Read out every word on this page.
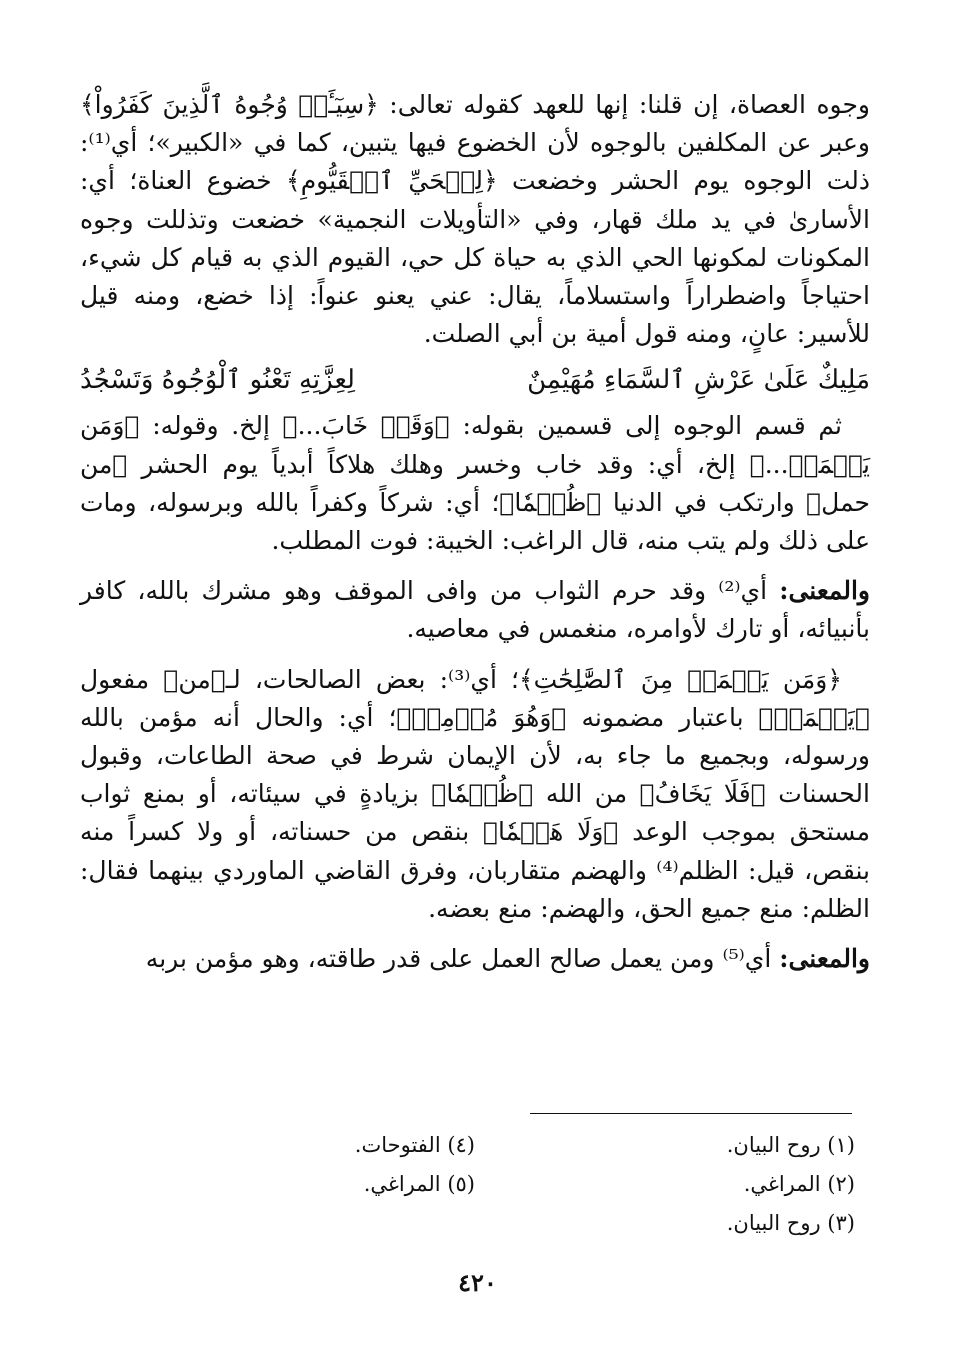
وجوه العصاة، إن قلنا: إنها للعهد كقوله تعالى: ﴿سِيٓـَٔتۡ وُجُوهُ ٱلَّذِينَ كَفَرُواْ﴾ وعبر عن المكلفين بالوجوه لأن الخضوع فيها يتبين، كما في «الكبير»؛ أي⁽¹⁾: ذلت الوجوه يوم الحشر وخضعت ﴿لِلۡحَيِّ ٱلۡقَيُّومِ﴾ خضوع العناة؛ أي: الأسارىٰ في يد ملك قهار، وفي «التأويلات النجمية» خضعت وتذللت وجوه المكونات لمكونها الحي الذي به حياة كل حي، القيوم الذي به قيام كل شيء، احتياجاً واضطراراً واستسلاماً، يقال: عني يعنو عنواً: إذا خضع، ومنه قيل للأسير: عانٍ، ومنه قول أمية بن أبي الصلت.

مَلِيكٌ عَلَىٰ عَرْشِ ٱلسَّمَاءِ مُهَيْمِنٌ
لِعِزَّتِهِ تَعْنُو ٱلْوُجُوهُ وَتَسْجُدُ

ثم قسم الوجوه إلى قسمين بقوله: ﴿وَقَدۡ خَابَ...﴾ إلخ. وقوله: ﴿وَمَن يَعۡمَلۡ...﴾ إلخ، أي: وقد خاب وخسر وهلك هلاكاً أبدياً يوم الحشر ﴿من حمل﴾ وارتكب في الدنيا ﴿ظُلۡمٗا﴾؛ أي: شركاً وكفراً بالله وبرسوله، ومات على ذلك ولم يتب منه، قال الراغب: الخيبة: فوت المطلب.

والمعنى: أي⁽²⁾ وقد حرم الثواب من وافى الموقف وهو مشرك بالله، كافر بأنبيائه، أو تارك لأوامره، منغمس في معاصيه.

﴿وَمَن يَعۡمَلۡ مِنَ ٱلصَّٰلِحَٰتِ﴾؛ أي⁽³⁾: بعض الصالحات، لـ﴿من﴾ مفعول ﴿يَعۡمَلۡ﴾ باعتبار مضمونه ﴿وَهُوَ مُؤۡمِنٞ﴾؛ أي: والحال أنه مؤمن بالله ورسوله، وبجميع ما جاء به، لأن الإيمان شرط في صحة الطاعات، وقبول الحسنات ﴿فَلَا يَخَافُ﴾ من الله ﴿ظُلۡمٗا﴾ بزيادةٍ في سيئاته، أو بمنع ثواب مستحق بموجب الوعد ﴿وَلَا هَضۡمٗا﴾ بنقص من حسناته، أو ولا كسراً منه بنقص، قيل: الظلم⁽⁴⁾ والهضم متقاربان، وفرق القاضي الماوردي بينهما فقال: الظلم: منع جميع الحق، والهضم: منع بعضه.

والمعنى: أي⁽⁵⁾ ومن يعمل صالح العمل على قدر طاقته، وهو مؤمن بربه

(١) روح البيان.
(٤) الفتوحات.
(٢) المراغي.
(٥) المراغي.
(٣) روح البيان.
٤٢٠
